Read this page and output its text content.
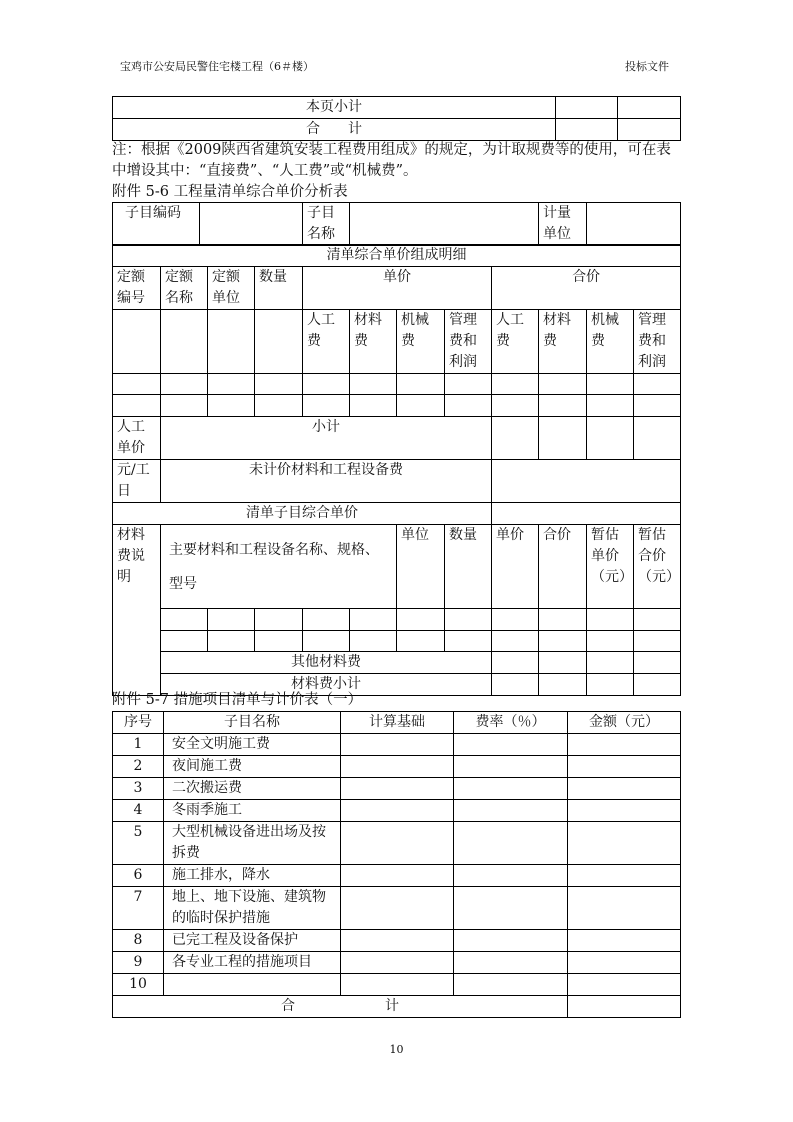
宝鸡市公安局民警住宅楼工程（6＃楼）	投标文件
本页小计		
合　　计		
注：根据《2009陕西省建筑安装工程费用组成》的规定，为计取规费等的使用，可在表中增设其中：“直接费”、“人工费”或“机械费”。
附件 5-6 工程量清单综合单价分析表
子目编码		子目名称		计量单位	
清单综合单价组成明细											
定额编号	定额名称	定额单位	数量	单价				合价			
				人工费	材料费	机械费	管理费和利润	人工费	材料费	机械费	管理费和利润

人工单价	小计										
元/工日	未计价材料和工程设备费										
清单子目综合单价											
材料费说明	主要材料和工程设备名称、规格、型号					单位	数量	单价	合价	暂估单价（元）	暂估合价（元）

	其他材料费										
	材料费小计										
附件 5-7 措施项目清单与计价表（一）
序号	子目名称	计算基础	费率（％）	金额（元）
1	安全文明施工费			
2	夜间施工费			
3	二次搬运费			
4	冬雨季施工			
5	大型机械设备进出场及按拆费			
6	施工排水，降水			
7	地上、地下设施、建筑物的临时保护措施			
8	已完工程及设备保护			
9	各专业工程的措施项目			
10				
合 计				
10
